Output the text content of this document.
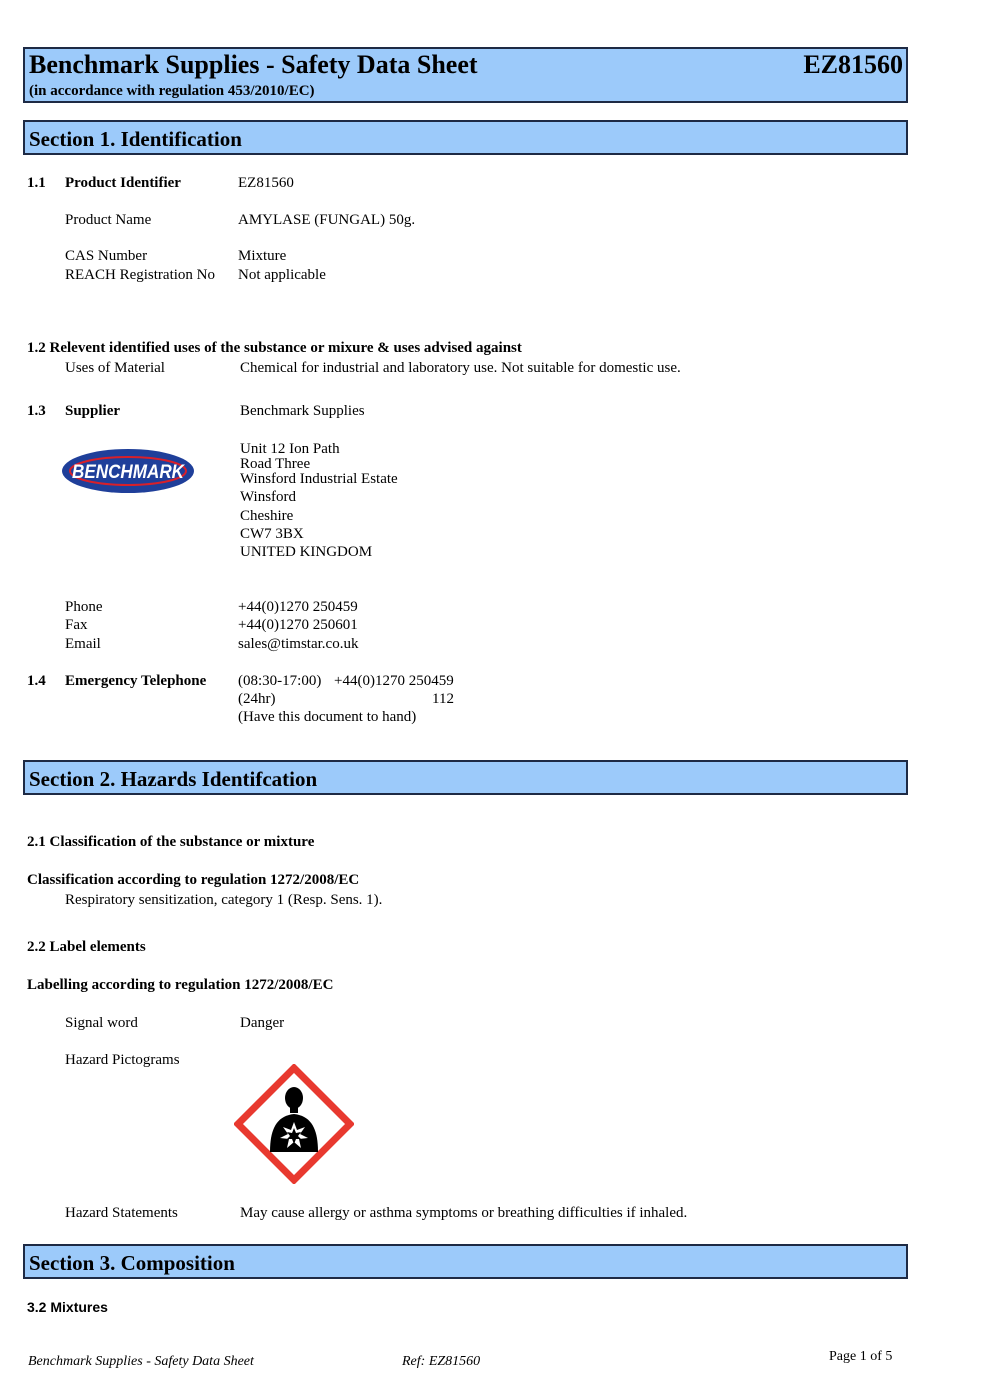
Benchmark Supplies - Safety Data Sheet	EZ81560
(in accordance with regulation 453/2010/EC)
Section 1. Identification
1.1 Product Identifier	EZ81560
Product Name	AMYLASE (FUNGAL) 50g.
CAS Number	Mixture
REACH Registration No Not applicable
1.2 Relevent identified uses of the substance or mixure & uses advised against
Uses of Material	Chemical for industrial and laboratory use. Not suitable for domestic use.
1.3 Supplier	Benchmark Supplies
BENCHMARK
Unit 12 Ion Path
Road Three
Winsford Industrial Estate
Winsford
Cheshire
CW7 3BX
UNITED KINGDOM
Phone	+44(0)1270 250459
Fax	+44(0)1270 250601
Email	sales@timstar.co.uk
1.4 Emergency Telephone (08:30-17:00) +44(0)1270 250459
(24hr)	112
(Have this document to hand)
Section 2. Hazards Identifcation
2.1 Classification of the substance or mixture
Classification according to regulation 1272/2008/EC
Respiratory sensitization, category 1 (Resp. Sens. 1).
2.2 Label elements
Labelling according to regulation 1272/2008/EC
Signal word	Danger
Hazard Pictograms
Hazard Statements	May cause allergy or asthma symptoms or breathing difficulties if inhaled.
Section 3. Composition
3.2 Mixtures
Benchmark Supplies - Safety Data Sheet	Ref: EZ81560	Page 1 of 5
